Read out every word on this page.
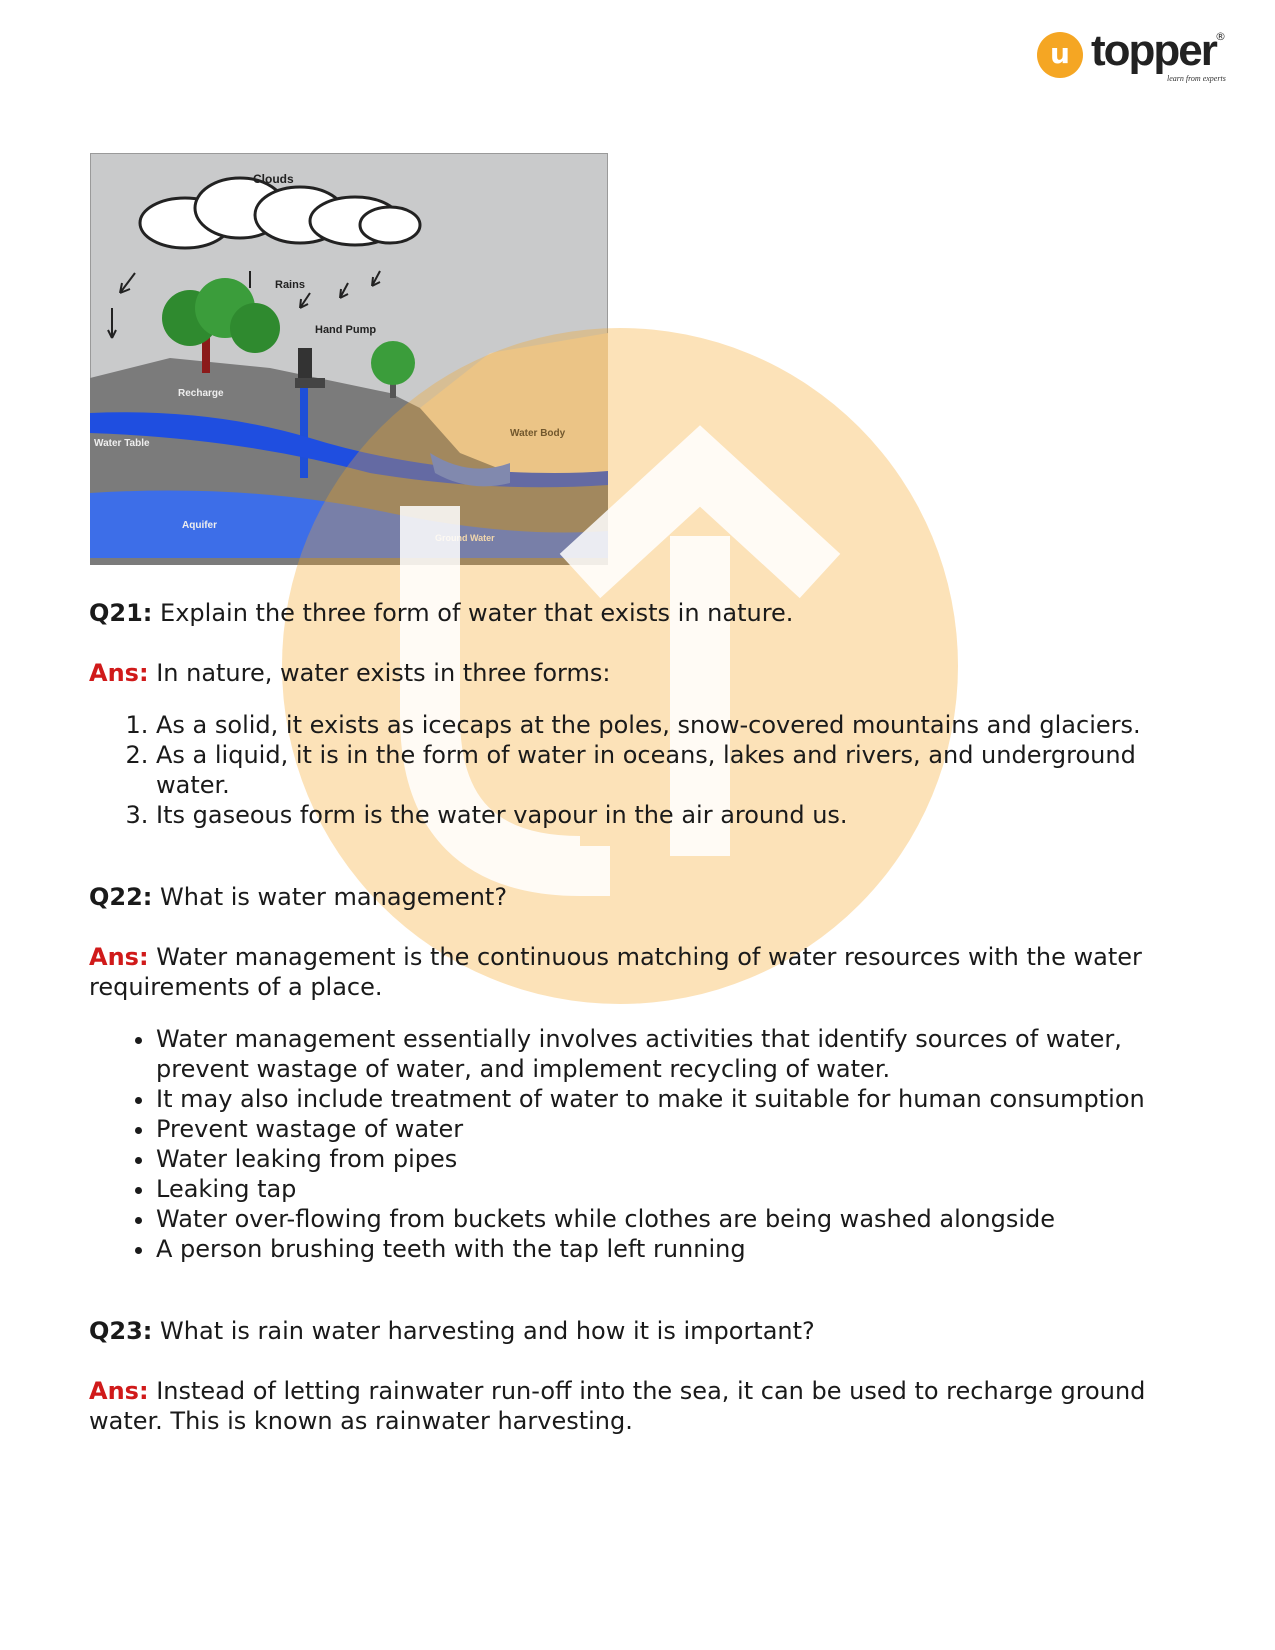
u topper ®
learn from experts
Clouds
Rains
Hand Pump
Recharge
Water Body
Water Table
Aquifer
Ground Water

Q21: Explain the three form of water that exists in nature.

Ans: In nature, water exists in three forms:

1. As a solid, it exists as icecaps at the poles, snow-covered mountains and glaciers.
2. As a liquid, it is in the form of water in oceans, lakes and rivers, and underground water.
3. Its gaseous form is the water vapour in the air around us.

Q22: What is water management?

Ans: Water management is the continuous matching of water resources with the water requirements of a place.

• Water management essentially involves activities that identify sources of water, prevent wastage of water, and implement recycling of water.
• It may also include treatment of water to make it suitable for human consumption
• Prevent wastage of water
• Water leaking from pipes
• Leaking tap
• Water over-flowing from buckets while clothes are being washed alongside
• A person brushing teeth with the tap left running

Q23: What is rain water harvesting and how it is important?

Ans: Instead of letting rainwater run-off into the sea, it can be used to recharge ground water. This is known as rainwater harvesting.
